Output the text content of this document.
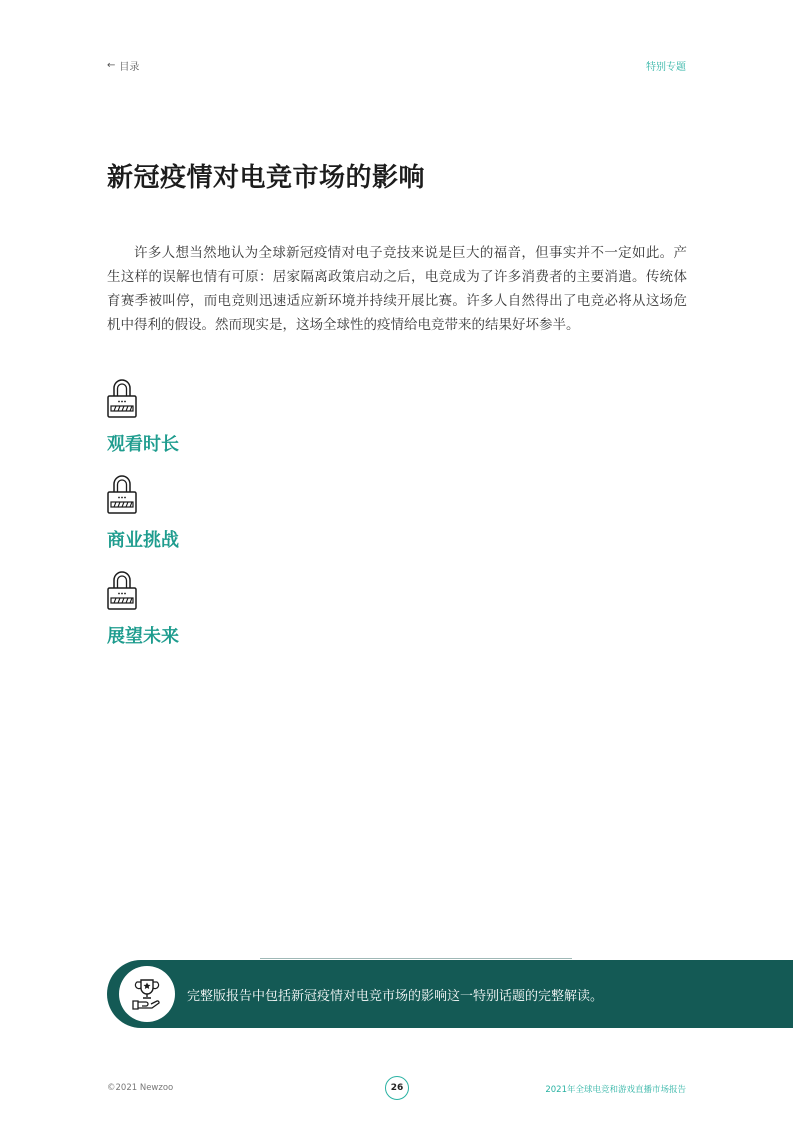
← 目录	特别专题
新冠疫情对电竞市场的影响

许多人想当然地认为全球新冠疫情对电子竞技来说是巨大的福音，但事实并不一定如此。产生这样的误解也情有可原：居家隔离政策启动之后，电竞成为了许多消费者的主要消遣。传统体育赛季被叫停，而电竞则迅速适应新环境并持续开展比赛。许多人自然得出了电竞必将从这场危机中得利的假设。然而现实是，这场全球性的疫情给电竞带来的结果好坏参半。

观看时长
商业挑战
展望未来
完整版报告中包括新冠疫情对电竞市场的影响这一特别话题的完整解读。
©2021 Newzoo	26	2021年全球电竞和游戏直播市场报告
